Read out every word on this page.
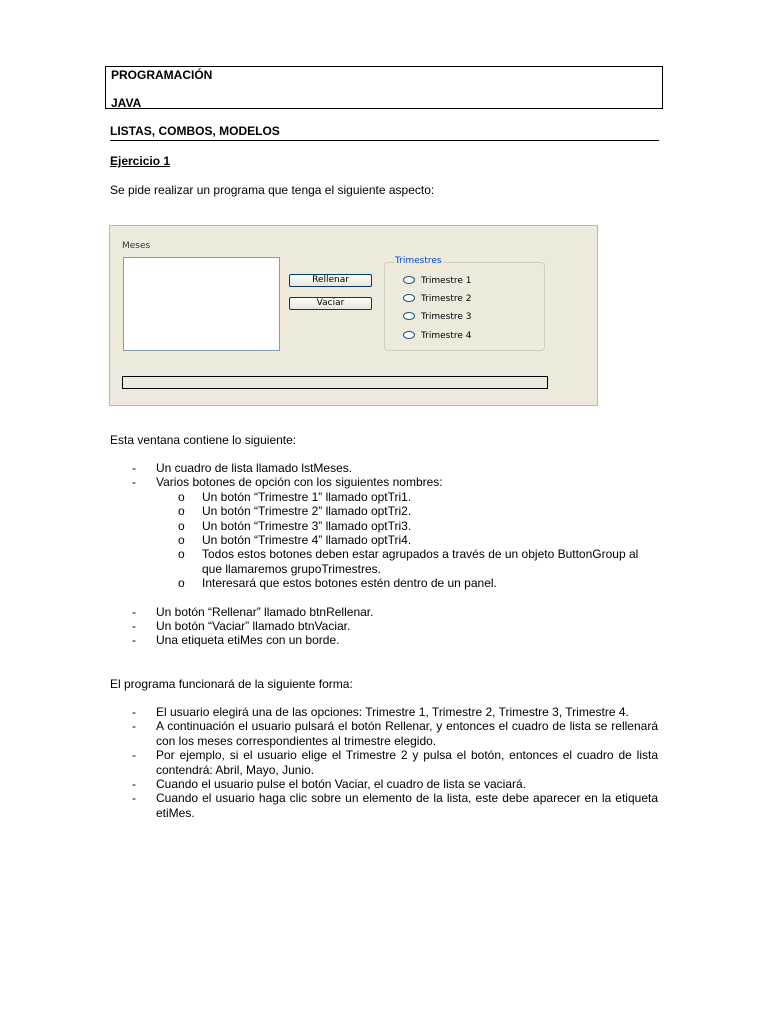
PROGRAMACIÓN
JAVA
LISTAS, COMBOS, MODELOS
Ejercicio 1
Se pide realizar un programa que tenga el siguiente aspecto:
Meses
Rellenar
Vaciar
Trimestres
Trimestre 1
Trimestre 2
Trimestre 3
Trimestre 4
Esta ventana contiene lo siguiente:
- Un cuadro de lista llamado lstMeses.
- Varios botones de opción con los siguientes nombres:
o Un botón “Trimestre 1” llamado optTri1.
o Un botón “Trimestre 2” llamado optTri2.
o Un botón “Trimestre 3” llamado optTri3.
o Un botón “Trimestre 4” llamado optTri4.
o Todos estos botones deben estar agrupados a través de un objeto ButtonGroup al que llamaremos grupoTrimestres.
o Interesará que estos botones estén dentro de un panel.
- Un botón “Rellenar” llamado btnRellenar.
- Un botón “Vaciar” llamado btnVaciar.
- Una etiqueta etiMes con un borde.
El programa funcionará de la siguiente forma:
- El usuario elegirá una de las opciones: Trimestre 1, Trimestre 2, Trimestre 3, Trimestre 4.
- A continuación el usuario pulsará el botón Rellenar, y entonces el cuadro de lista se rellenará con los meses correspondientes al trimestre elegido.
- Por ejemplo, si el usuario elige el Trimestre 2 y pulsa el botón, entonces el cuadro de lista contendrá: Abril, Mayo, Junio.
- Cuando el usuario pulse el botón Vaciar, el cuadro de lista se vaciará.
- Cuando el usuario haga clic sobre un elemento de la lista, este debe aparecer en la etiqueta etiMes.
